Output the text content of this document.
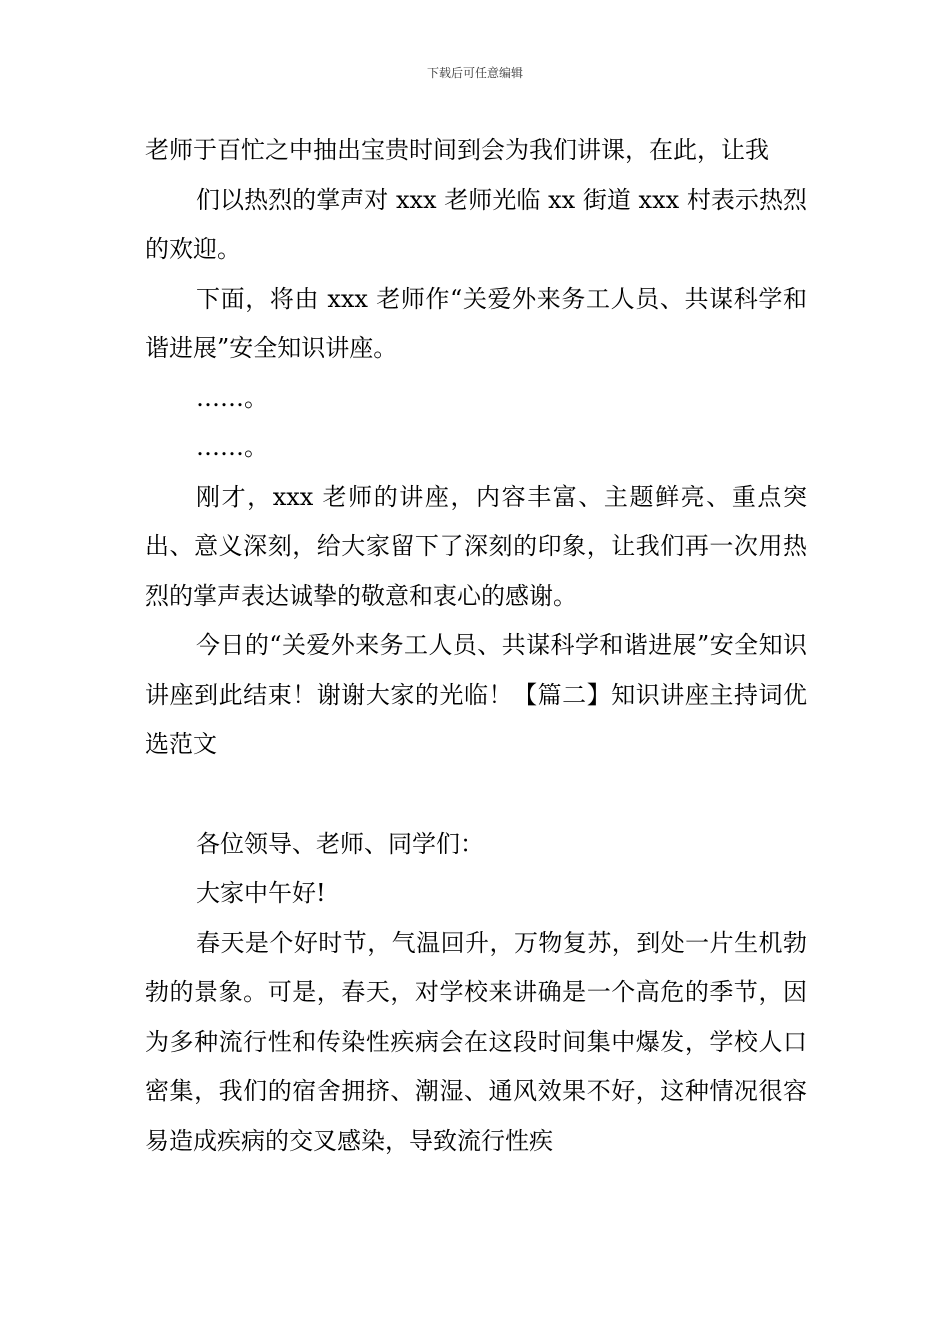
下载后可任意编辑

老师于百忙之中抽出宝贵时间到会为我们讲课，在此，让我

们以热烈的掌声对 xxx 老师光临 xx 街道 xxx 村表示热烈的欢迎。

下面，将由 xxx 老师作“关爱外来务工人员、共谋科学和谐进展”安全知识讲座。

……。

……。

刚才，xxx 老师的讲座，内容丰富、主题鲜亮、重点突出、意义深刻，给大家留下了深刻的印象，让我们再一次用热烈的掌声表达诚挚的敬意和衷心的感谢。

今日的“关爱外来务工人员、共谋科学和谐进展”安全知识讲座到此结束！谢谢大家的光临！【篇二】知识讲座主持词优选范文

各位领导、老师、同学们：

大家中午好!

春天是个好时节，气温回升，万物复苏，到处一片生机勃勃的景象。可是，春天，对学校来讲确是一个高危的季节，因为多种流行性和传染性疾病会在这段时间集中爆发，学校人口密集，我们的宿舍拥挤、潮湿、通风效果不好，这种情况很容易造成疾病的交叉感染，导致流行性疾
